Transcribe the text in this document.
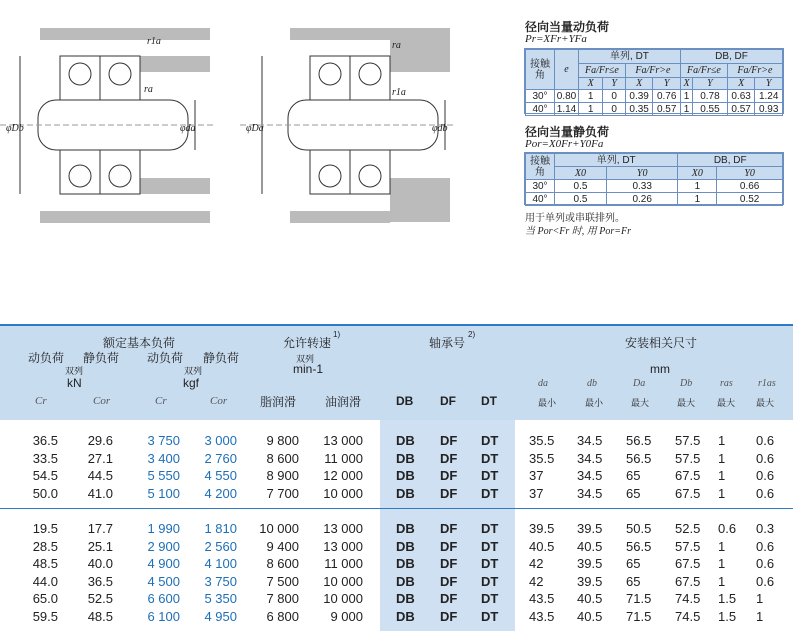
r1a
ra
φDb	φda
ra
r1a
φDa	φdb
径向当量动负荷
Pr=XFr+YFa
接触角	e	单列, DT				DB, DF			
		Fa/Fr≤e		Fa/Fr>e		Fa/Fr≤e		Fa/Fr>e	
		X	Y	X	Y	X	Y	X	Y
30°	0.80	1	0	0.39	0.76	1	0.78	0.63	1.24
40°	1.14	1	0	0.35	0.57	1	0.55	0.57	0.93
径向当量静负荷
Por=X0Fr+Y0Fa
接触角	单列, DT		DB, DF	
	X0	Y0	X0	Y0
30°	0.5	0.33	1	0.66
40°	0.5	0.26	1	0.52
用于单列或串联排列。
当 Por<Fr 时, 用 Por=Fr
额定基本负荷
动负荷 静负荷 动负荷 静负荷
双列	双列
kN	kgf
Cr	Cor	Cr	Cor
允许转速
1)
双列
min-1
脂润滑 油润滑
轴承号
2)
DB DF DT
安装相关尺寸
mm
da	db	Da	Db	ras	r1as
最小	最小	最大	最大 最大 最大
36.5	29.6	3 750	3 000	9 800	13 000	DB DF DT 35.5 34.5 56.5 57.5 1 0.6
33.5	27.1	3 400	2 760	8 600	11 000	DB DF DT 35.5 34.5 56.5 57.5 1 0.6
54.5	44.5	5 550	4 550	8 900	12 000	DB DF DT 37	34.5 65	67.5 1 0.6
50.0	41.0	5 100	4 200	7 700	10 000	DB DF DT 37	34.5 65	67.5 1 0.6
19.5	17.7	1 990	1 810	10 000	13 000	DB DF DT 39.5 39.5 50.5 52.5 0.6 0.3
28.5	25.1	2 900	2 560	9 400	13 000	DB DF DT 40.5 40.5 56.5 57.5 1 0.6
48.5	40.0	4 900	4 100	8 600	11 000	DB DF DT 42	39.5 65	67.5 1 0.6
44.0	36.5	4 500	3 750	7 500	10 000	DB DF DT 42	39.5 65	67.5 1 0.6
65.0	52.5	6 600	5 350	7 800	10 000	DB DF DT 43.5 40.5 71.5 74.5 1.5 1
59.5	48.5	6 100	4 950	6 800	9 000	DB DF DT 43.5 40.5 71.5 74.5 1.5 1
